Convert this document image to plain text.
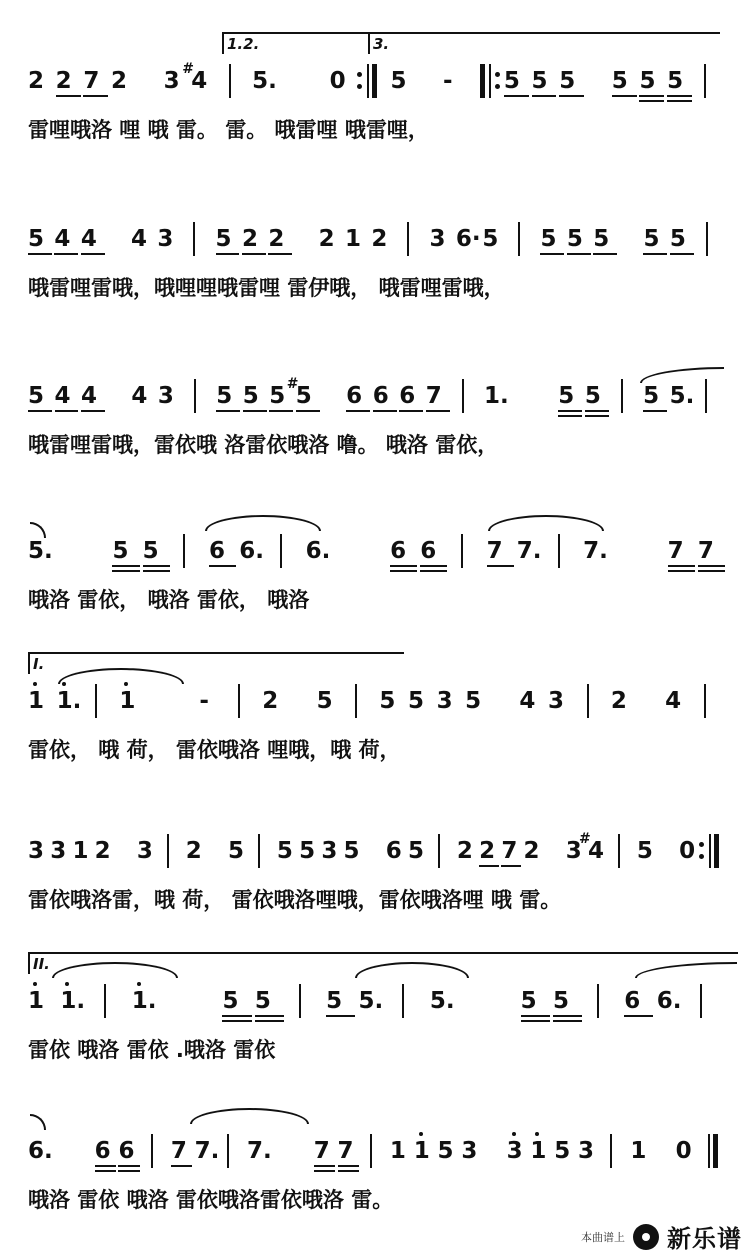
2 2 7 2 3 4
#	5. 0 5 - 5 5 5 5 5 5
雷哩哦洛 哩 哦 雷。 雷。 哦雷哩 哦雷哩，
5 4 4 4 3 5 2 2 2 1 2 3 6· 5 5 5 5 5 5
哦雷哩雷哦，哦哩哩哦雷哩 雷伊哦， 哦雷哩雷哦，
5 4 4 4 3 5 5 5 5
# 6 6 6 7 1. 5 5 5 5.
哦雷哩雷哦，雷依哦 洛雷依哦洛 噜。 哦洛 雷依，
5.	5 5 6 6. 6.	6 6 7 7. 7.	7 7
哦洛 雷依， 哦洛 雷依， 哦洛
1 1. 1	- 2 5 5 5 3 5 4 3 2 4
雷依， 哦 荷， 雷依哦洛 哩哦，哦 荷，
3 3 1 2 3 2 5 5 5 3 5 6 5 2 2 7 2 3 4
# 5 0
雷依哦洛雷，哦 荷， 雷依哦洛哩哦，雷依哦洛哩 哦 雷。
1 1. 1.	5 5 5 5. 5.	5 5 6 6.
雷依 哦洛 雷依 .哦洛 雷依
6. 6 6 7 7. 7. 7 7 1 1 5 3 3 1 5 3 1 0
哦洛 雷依 哦洛 雷依哦洛雷依哦洛 雷。
1.2.	3.
I.
II.
本曲谱上 新乐谱
